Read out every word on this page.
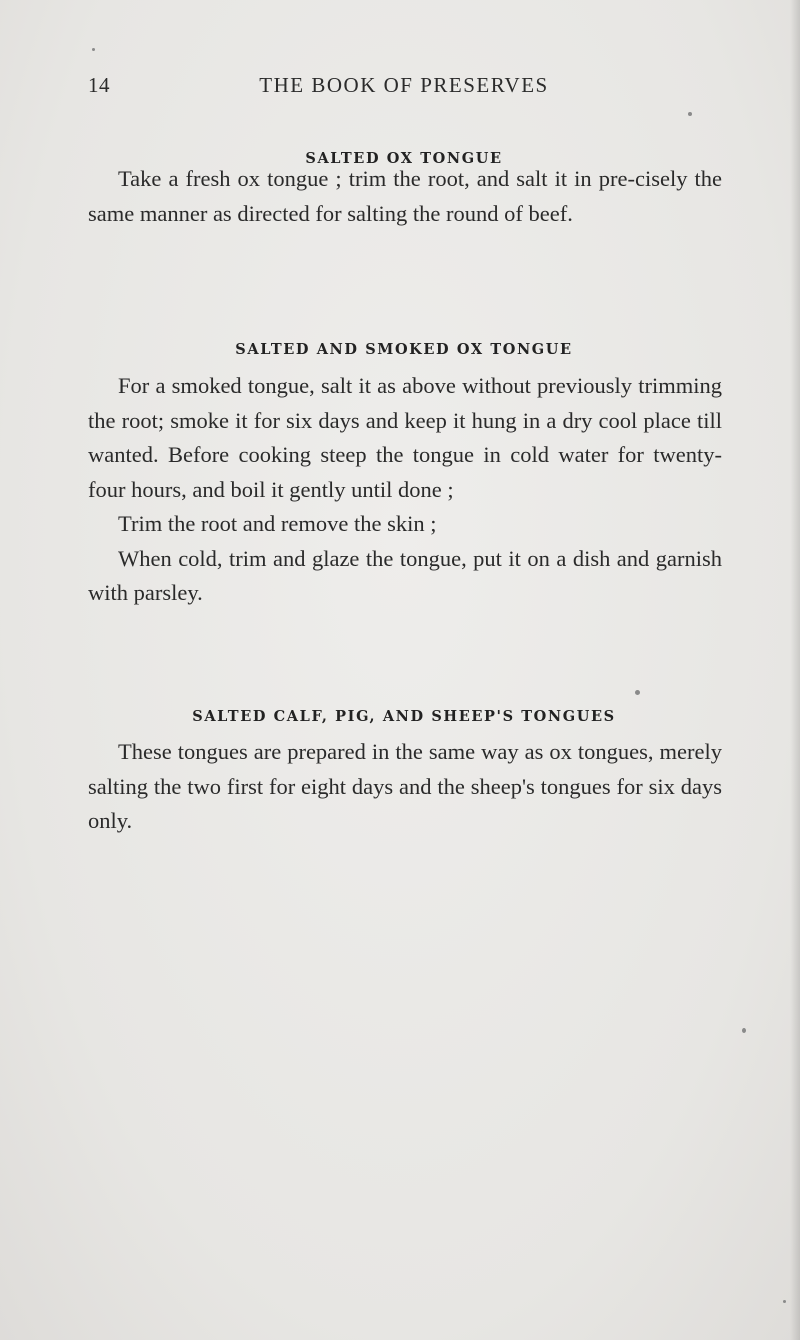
14	THE BOOK OF PRESERVES
SALTED OX TONGUE

Take a fresh ox tongue ; trim the root, and salt it in pre-cisely the same manner as directed for salting the round of beef.

SALTED AND SMOKED OX TONGUE

For a smoked tongue, salt it as above without previously trimming the root; smoke it for six days and keep it hung in a dry cool place till wanted. Before cooking steep the tongue in cold water for twenty-four hours, and boil it gently until done ;

Trim the root and remove the skin ;

When cold, trim and glaze the tongue, put it on a dish and garnish with parsley.

SALTED CALF, PIG, AND SHEEP'S TONGUES

These tongues are prepared in the same way as ox tongues, merely salting the two first for eight days and the sheep's tongues for six days only.
